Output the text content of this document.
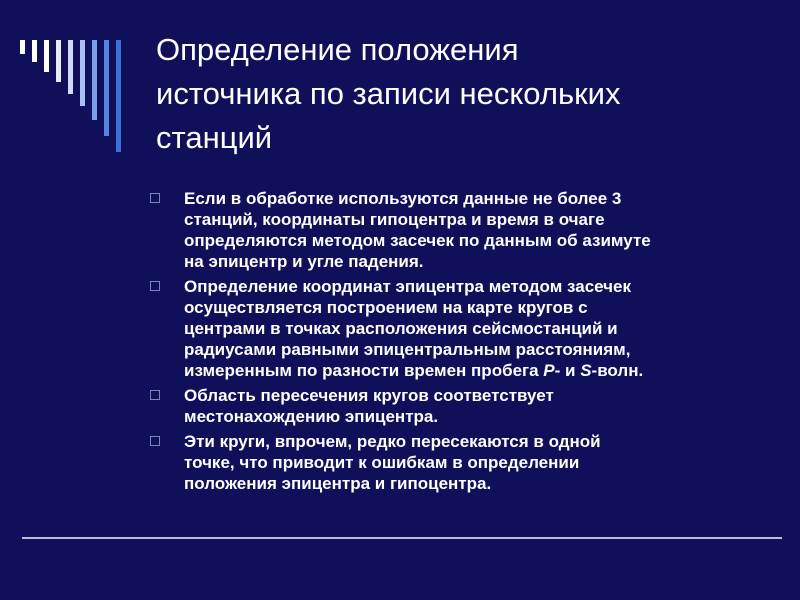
Определение положения
источника по записи нескольких
станций
Если в обработке используются данные не более 3
станций, координаты гипоцентра и время в очаге
определяются методом засечек по данным об азимуте
на эпицентр и угле падения.
Определение координат эпицентра методом засечек
осуществляется построением на карте кругов с
центрами в точках расположения сейсмостанций и
радиусами равными эпицентральным расстояниям,
измеренным по разности времен пробега P- и S-волн.
Область пересечения кругов соответствует
местонахождению эпицентра.
Эти круги, впрочем, редко пересекаются в одной
точке, что приводит к ошибкам в определении
положения эпицентра и гипоцентра.
